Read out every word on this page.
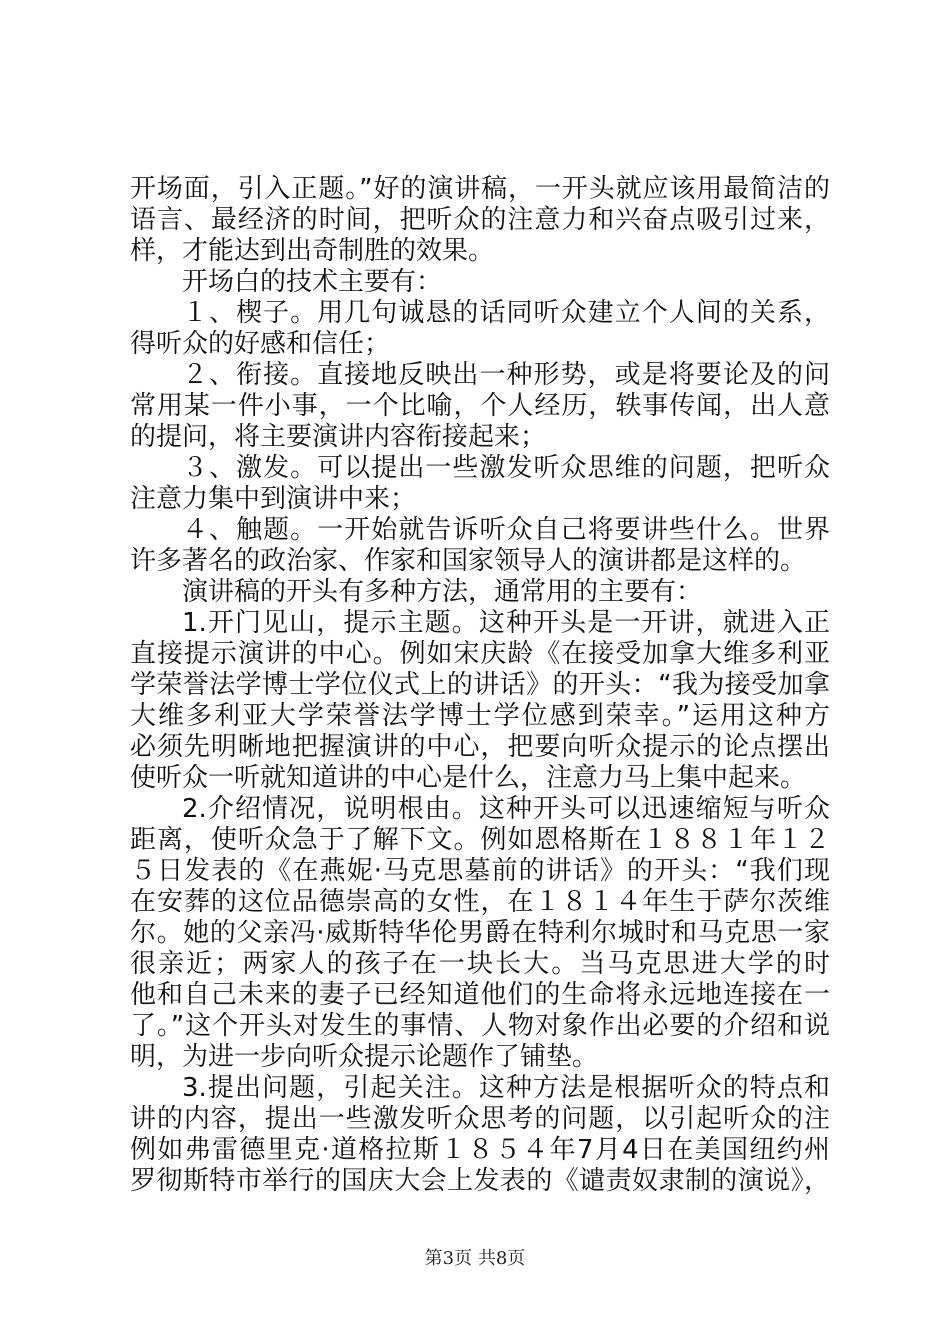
开场面，引入正题。”好的演讲稿，一开头就应该用最简洁的
语言、最经济的时间，把听众的注意力和兴奋点吸引过来，
样，才能达到出奇制胜的效果。
开场白的技术主要有：
１、楔子。用几句诚恳的话同听众建立个人间的关系，
得听众的好感和信任；
２、衔接。直接地反映出一种形势，或是将要论及的问
常用某一件小事，一个比喻，个人经历，轶事传闻，出人意
的提问，将主要演讲内容衔接起来；
３、激发。可以提出一些激发听众思维的问题，把听众
注意力集中到演讲中来；
４、触题。一开始就告诉听众自己将要讲些什么。世界
许多著名的政治家、作家和国家领导人的演讲都是这样的。
演讲稿的开头有多种方法，通常用的主要有：
1.开门见山，提示主题。这种开头是一开讲，就进入正
直接提示演讲的中心。例如宋庆龄《在接受加拿大维多利亚
学荣誉法学博士学位仪式上的讲话》的开头：“我为接受加拿
大维多利亚大学荣誉法学博士学位感到荣幸。”运用这种方
必须先明晰地把握演讲的中心，把要向听众提示的论点摆出
使听众一听就知道讲的中心是什么，注意力马上集中起来。
2.介绍情况，说明根由。这种开头可以迅速缩短与听众
距离，使听众急于了解下文。例如恩格斯在１８８１年１２
５日发表的《在燕妮·马克思墓前的讲话》的开头：“我们现
在安葬的这位品德崇高的女性，在１８１４年生于萨尔茨维
尔。她的父亲冯·威斯特华伦男爵在特利尔城时和马克思一家
很亲近；两家人的孩子在一块长大。当马克思进大学的时
他和自己未来的妻子已经知道他们的生命将永远地连接在一
了。”这个开头对发生的事情、人物对象作出必要的介绍和说
明，为进一步向听众提示论题作了铺垫。
3.提出问题，引起关注。这种方法是根据听众的特点和
讲的内容，提出一些激发听众思考的问题，以引起听众的注
例如弗雷德里克·道格拉斯１８５４年7月4日在美国纽约州
罗彻斯特市举行的国庆大会上发表的《谴责奴隶制的演说》，
第3页 共8页
